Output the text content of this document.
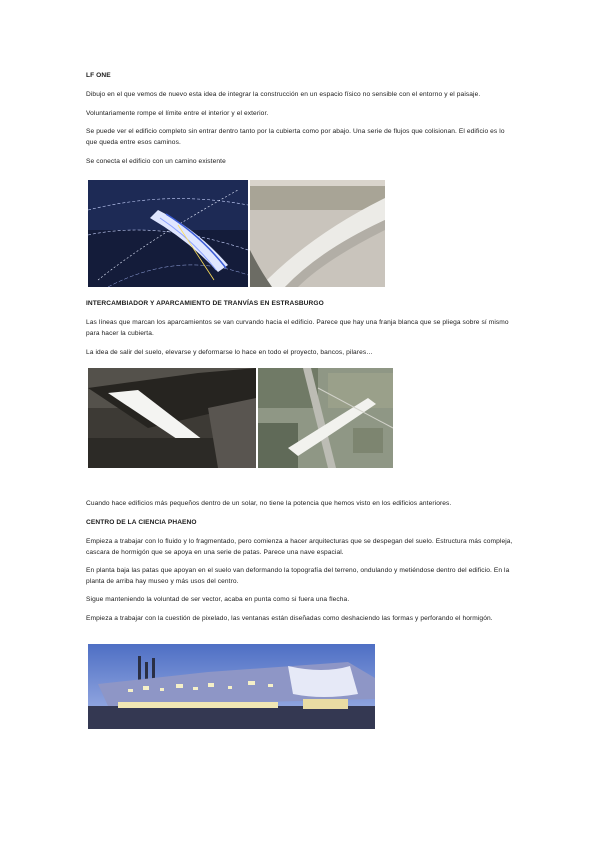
LF ONE

Dibujo en el que vemos de nuevo esta idea de integrar la construcción en un espacio físico no sensible con el entorno y el paisaje.

Voluntariamente rompe el límite entre el interior y el exterior.

Se puede ver el edificio completo sin entrar dentro tanto por la cubierta como por abajo. Una serie de flujos que colisionan. El edificio es lo que queda entre esos caminos.

Se conecta el edificio con un camino existente

INTERCAMBIADOR Y APARCAMIENTO DE TRANVÍAS EN ESTRASBURGO

Las líneas que marcan los aparcamientos se van curvando hacia el edificio. Parece que hay una franja blanca que se pliega sobre sí mismo para hacer la cubierta.

La idea de salir del suelo, elevarse y deformarse lo hace en todo el proyecto, bancos, pilares…

Cuando hace edificios más pequeños dentro de un solar, no tiene la potencia que hemos visto en los edificios anteriores.

CENTRO DE LA CIENCIA PHAENO

Empieza a trabajar con lo fluido y lo fragmentado, pero comienza a hacer arquitecturas que se despegan del suelo. Estructura más compleja, cascara de hormigón que se apoya en una serie de patas. Parece una nave espacial.

En planta baja las patas que apoyan en el suelo van deformando la topografía del terreno, ondulando y metiéndose dentro del edificio. En la planta de arriba hay museo y más usos del centro.

Sigue manteniendo la voluntad de ser vector, acaba en punta como si fuera una flecha.

Empieza a trabajar con la cuestión de pixelado, las ventanas están diseñadas como deshaciendo las formas y perforando el hormigón.
